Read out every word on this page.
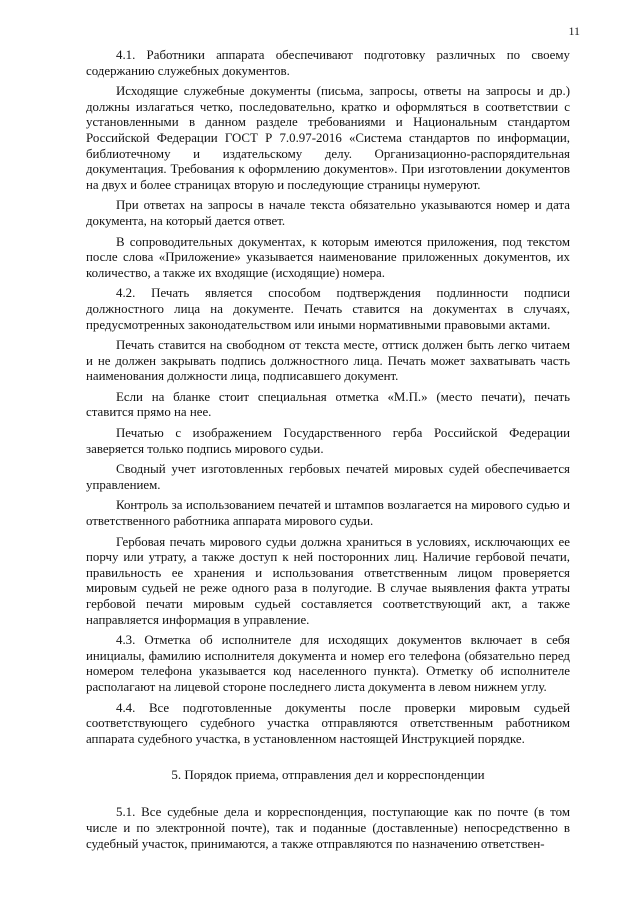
11

4.1. Работники аппарата обеспечивают подготовку различных по своему содержанию служебных документов.

Исходящие служебные документы (письма, запросы, ответы на запросы и др.) должны излагаться четко, последовательно, кратко и оформляться в соответствии с установленными в данном разделе требованиями и Национальным стандартом Российской Федерации ГОСТ Р 7.0.97-2016 «Система стандартов по информации, библиотечному и издательскому делу. Организационно-распорядительная документация. Требования к оформлению документов». При изготовлении документов на двух и более страницах вторую и последующие страницы нумеруют.

При ответах на запросы в начале текста обязательно указываются номер и дата документа, на который дается ответ.

В сопроводительных документах, к которым имеются приложения, под текстом после слова «Приложение» указывается наименование приложенных документов, их количество, а также их входящие (исходящие) номера.

4.2. Печать является способом подтверждения подлинности подписи должностного лица на документе. Печать ставится на документах в случаях, предусмотренных законодательством или иными нормативными правовыми актами.

Печать ставится на свободном от текста месте, оттиск должен быть легко читаем и не должен закрывать подпись должностного лица. Печать может захватывать часть наименования должности лица, подписавшего документ.

Если на бланке стоит специальная отметка «М.П.» (место печати), печать ставится прямо на нее.

Печатью с изображением Государственного герба Российской Федерации заверяется только подпись мирового судьи.

Сводный учет изготовленных гербовых печатей мировых судей обеспечивается управлением.

Контроль за использованием печатей и штампов возлагается на мирового судью и ответственного работника аппарата мирового судьи.

Гербовая печать мирового судьи должна храниться в условиях, исключающих ее порчу или утрату, а также доступ к ней посторонних лиц. Наличие гербовой печати, правильность ее хранения и использования ответственным лицом проверяется мировым судьей не реже одного раза в полугодие. В случае выявления факта утраты гербовой печати мировым судьей составляется соответствующий акт, а также направляется информация в управление.

4.3. Отметка об исполнителе для исходящих документов включает в себя инициалы, фамилию исполнителя документа и номер его телефона (обязательно перед номером телефона указывается код населенного пункта). Отметку об исполнителе располагают на лицевой стороне последнего листа документа в левом нижнем углу.

4.4. Все подготовленные документы после проверки мировым судьей соответствующего судебного участка отправляются ответственным работником аппарата судебного участка, в установленном настоящей Инструкцией порядке.

5. Порядок приема, отправления дел и корреспонденции

5.1. Все судебные дела и корреспонденция, поступающие как по почте (в том числе и по электронной почте), так и поданные (доставленные) непосредственно в судебный участок, принимаются, а также отправляются по назначению ответствен-
